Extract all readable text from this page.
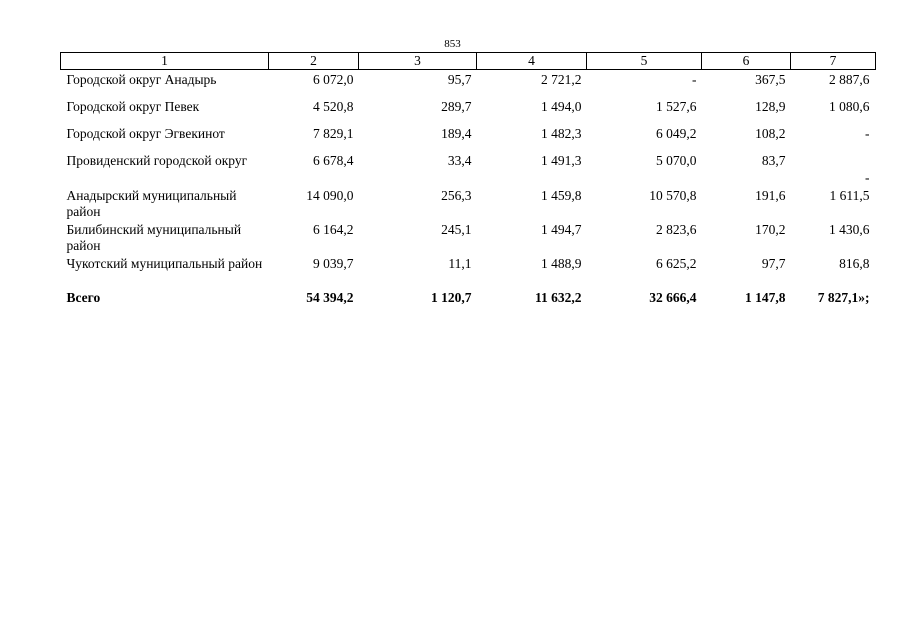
853
1	2	3	4	5	6	7
Городской округ Анадырь	6 072,0	95,7	2 721,2	-	367,5	2 887,6
Городской округ Певек	4 520,8	289,7	1 494,0	1 527,6	128,9	1 080,6
Городской округ Эгвекинот	7 829,1	189,4	1 482,3	6 049,2	108,2	-
Провиденский городской округ	6 678,4	33,4	1 491,3	5 070,0	83,7	-
Анадырский муниципальный район	14 090,0	256,3	1 459,8	10 570,8	191,6	1 611,5
Билибинский муниципальный район	6 164,2	245,1	1 494,7	2 823,6	170,2	1 430,6
Чукотский муниципальный район	9 039,7	11,1	1 488,9	6 625,2	97,7	816,8
Всего	54 394,2	1 120,7	11 632,2	32 666,4	1 147,8	7 827,1»;
